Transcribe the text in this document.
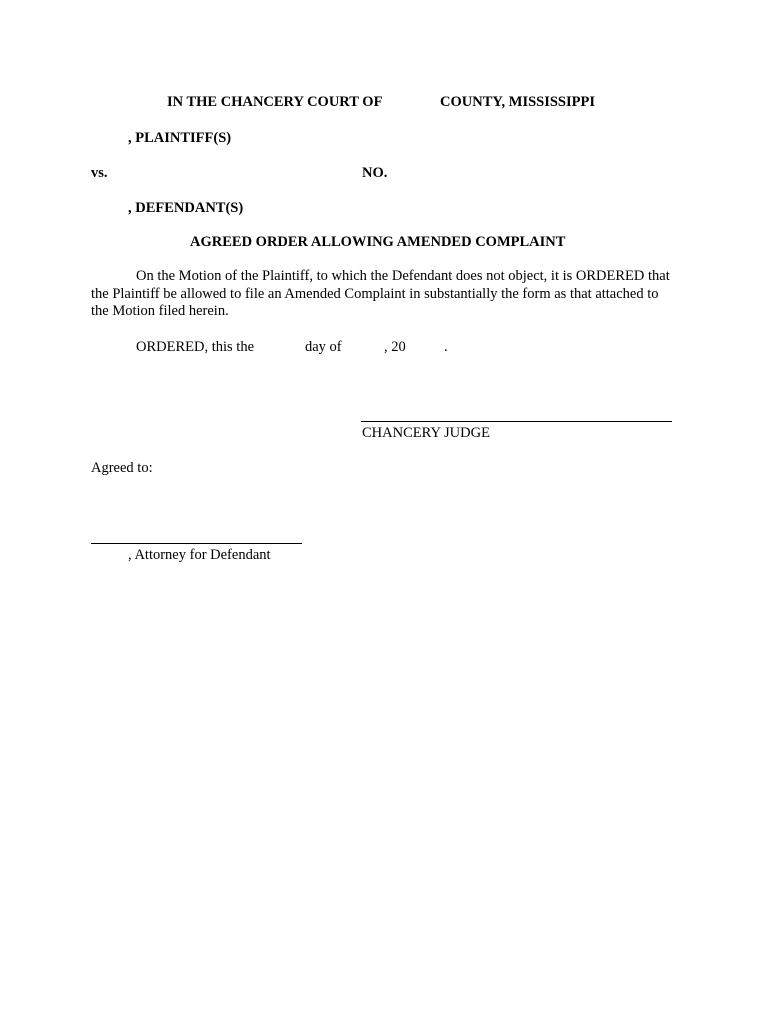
IN THE CHANCERY COURT OF	COUNTY, MISSISSIPPI
, PLAINTIFF(S)
vs.	NO.
, DEFENDANT(S)
AGREED ORDER ALLOWING AMENDED COMPLAINT
On the Motion of the Plaintiff, to which the Defendant does not object, it is ORDERED that the Plaintiff be allowed to file an Amended Complaint in substantially the form as that attached to the Motion filed herein.
ORDERED, this the	day of	, 20	.
CHANCERY JUDGE
Agreed to:
, Attorney for Defendant
